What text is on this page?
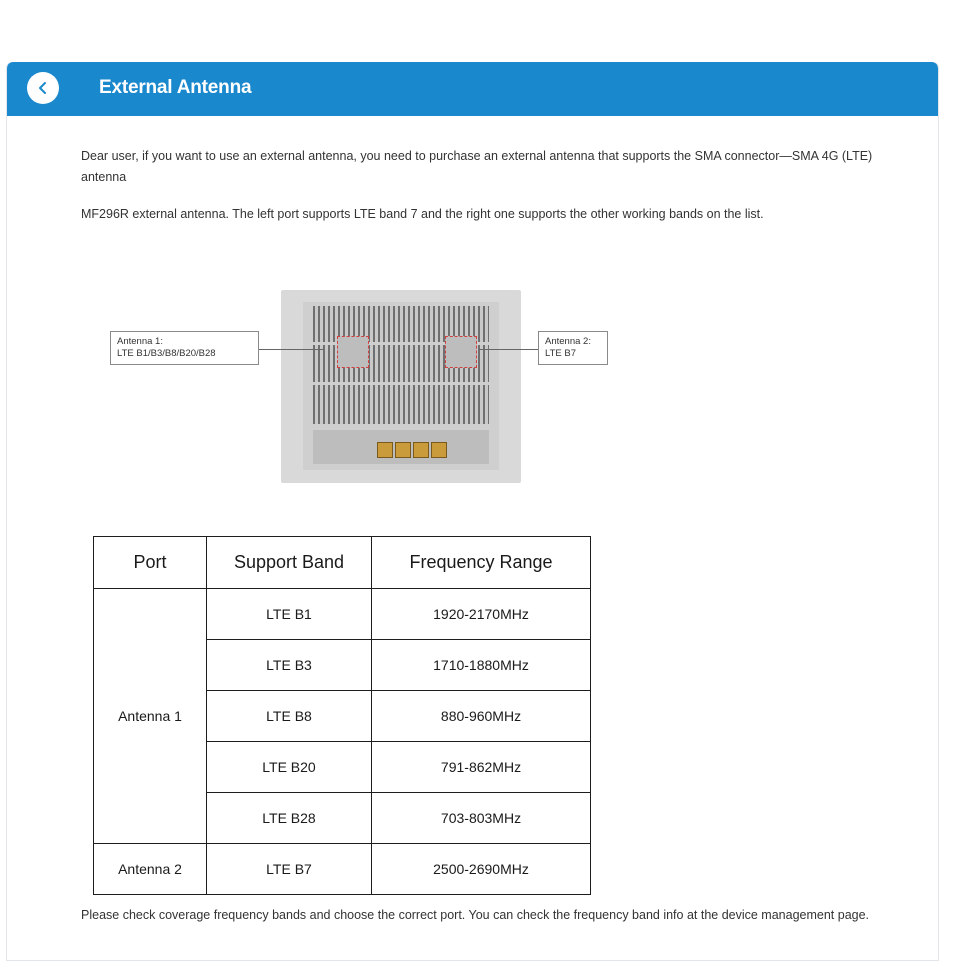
External Antenna
Dear user, if you want to use an external antenna, you need to purchase an external antenna that supports the SMA connector—SMA 4G (LTE) antenna
MF296R external antenna. The left port supports LTE band 7 and the right one supports the other working bands on the list.
Please check coverage frequency bands and choose the correct port. You can check the frequency band info at the device management page.
Antenna 1:
LTE B1/B3/B8/B20/B28
Antenna 2:
LTE B7
Port	Support Band	Frequency Range
Antenna 1	LTE B1	1920-2170MHz
	LTE B3	1710-1880MHz
	LTE B8	880-960MHz
	LTE B20	791-862MHz
	LTE B28	703-803MHz
Antenna 2	LTE B7	2500-2690MHz
